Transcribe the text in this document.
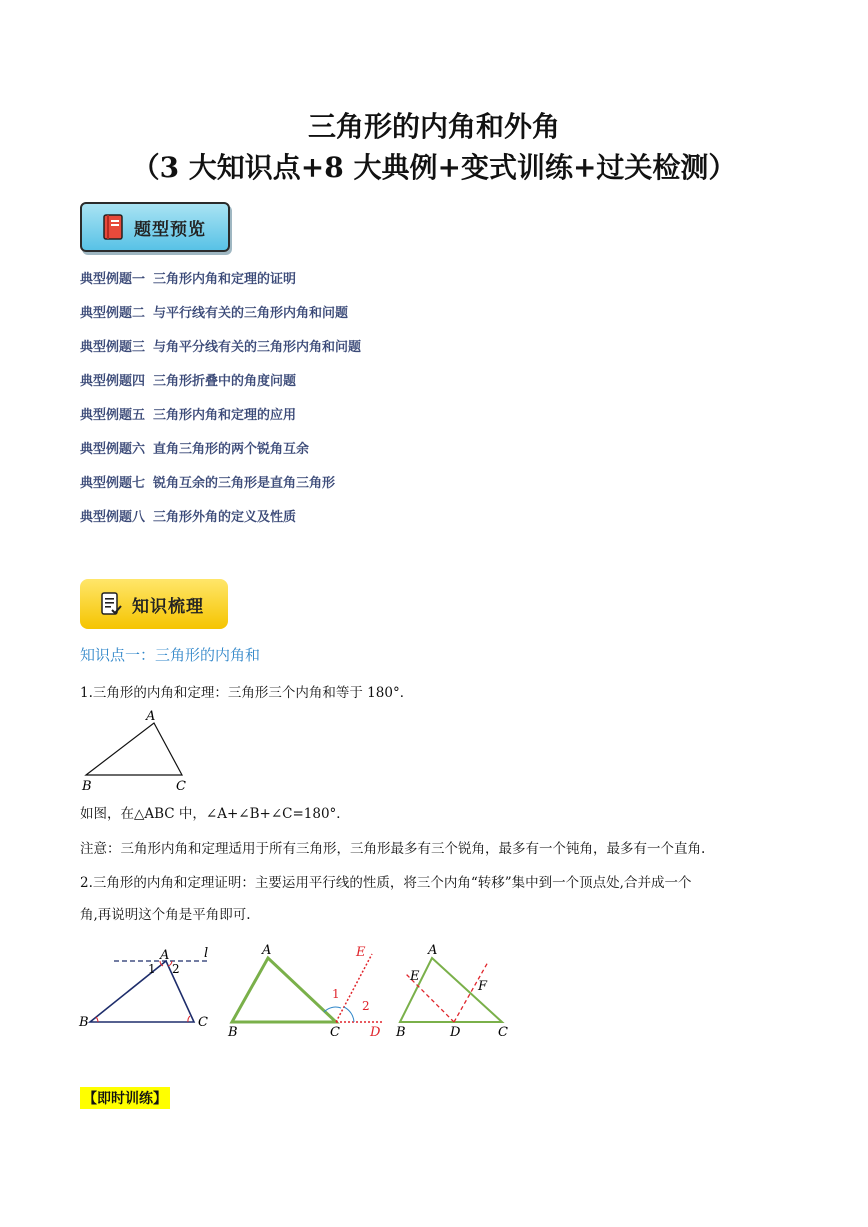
三角形的内角和外角
（3 大知识点+8 大典例+变式训练+过关检测）
题型预览
典型例题一 三角形内角和定理的证明
典型例题二 与平行线有关的三角形内角和问题
典型例题三 与角平分线有关的三角形内角和问题
典型例题四 三角形折叠中的角度问题
典型例题五 三角形内角和定理的应用
典型例题六 直角三角形的两个锐角互余
典型例题七 锐角互余的三角形是直角三角形
典型例题八 三角形外角的定义及性质
知识梳理
知识点一：三角形的内角和
1.三角形的内角和定理：三角形三个内角和等于 180°．
A
B	C
如图，在△ABC 中，∠A+∠B+∠C=180°．
注意：三角形内角和定理适用于所有三角形，三角形最多有三个锐角，最多有一个钝角，最多有一个直角.
2.三角形的内角和定理证明：主要运用平行线的性质，将三个内角“转移”集中到一个顶点处,合并成一个
角,再说明这个角是平角即可.
A	l
1 2
B	C
A	E
1
2
B	C D
A
E
F
B	D	C
【即时训练】
